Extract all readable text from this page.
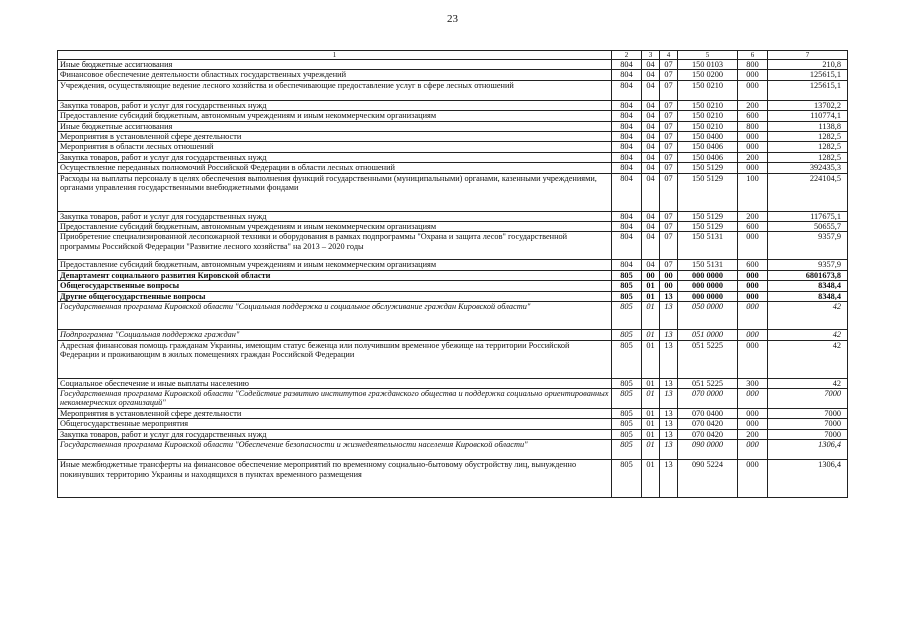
23
1	2	3	4	5	6	7
Иные бюджетные ассигнования	804	04	07	150 0103	800	210,8
Финансовое обеспечение деятельности областных государственных учреждений	804	04	07	150 0200	000	125615,1
Учреждения, осуществляющие ведение лесного хозяйства и обеспечивающие предоставление услуг в сфере лесных отношений	804	04	07	150 0210	000	125615,1
Закупка товаров, работ и услуг для государственных нужд	804	04	07	150 0210	200	13702,2
Предоставление субсидий бюджетным, автономным учреждениям и иным некоммерческим организациям	804	04	07	150 0210	600	110774,1
Иные бюджетные ассигнования	804	04	07	150 0210	800	1138,8
Мероприятия в установленной сфере деятельности	804	04	07	150 0400	000	1282,5
Мероприятия в области лесных отношений	804	04	07	150 0406	000	1282,5
Закупка товаров, работ и услуг для государственных нужд	804	04	07	150 0406	200	1282,5
Осуществление переданных полномочий Российской Федерации в области лесных отношений	804	04	07	150 5129	000	392435,3
Расходы на выплаты персоналу в целях обеспечения выполнения функций государственными (муниципальными) органами, казенными учреждениями, органами управления государственными внебюджетными фондами	804	04	07	150 5129	100	224104,5
Закупка товаров, работ и услуг для государственных нужд	804	04	07	150 5129	200	117675,1
Предоставление субсидий бюджетным, автономным учреждениям и иным некоммерческим организациям	804	04	07	150 5129	600	50655,7
Приобретение специализированной лесопожарной техники и оборудования в рамках подпрограммы "Охрана и защита лесов" государственной программы Российской Федерации "Развитие лесного хозяйства" на 2013 – 2020 годы	804	04	07	150 5131	000	9357,9
Предоставление субсидий бюджетным, автономным учреждениям и иным некоммерческим организациям	804	04	07	150 5131	600	9357,9
Департамент социального развития Кировской области	805	00	00	000 0000	000	6801673,8
Общегосударственные вопросы	805	01	00	000 0000	000	8348,4
Другие общегосударственные вопросы	805	01	13	000 0000	000	8348,4
Государственная программа Кировской области "Социальная поддержка и социальное обслуживание граждан Кировской области"	805	01	13	050 0000	000	42
Подпрограмма "Социальная поддержка граждан"	805	01	13	051 0000	000	42
Адресная финансовая помощь гражданам Украины, имеющим статус беженца или получившим временное убежище на территории Российской Федерации и проживающим в жилых помещениях граждан Российской Федерации	805	01	13	051 5225	000	42
Социальное обеспечение и иные выплаты населению	805	01	13	051 5225	300	42
Государственная программа Кировской области "Содействие развитию институтов гражданского общества и поддержка социально ориентированных некоммерческих организаций"	805	01	13	070 0000	000	7000
Мероприятия в установленной сфере деятельности	805	01	13	070 0400	000	7000
Общегосударственные мероприятия	805	01	13	070 0420	000	7000
Закупка товаров, работ и услуг для государственных нужд	805	01	13	070 0420	200	7000
Государственная программа Кировской области "Обеспечение безопасности и жизнедеятельности населения Кировской области"	805	01	13	090 0000	000	1306,4
Иные межбюджетные трансферты на финансовое обеспечение мероприятий по временному социально-бытовому обустройству лиц, вынужденно покинувших территорию Украины и находящихся в пунктах временного размещения	805	01	13	090 5224	000	1306,4
